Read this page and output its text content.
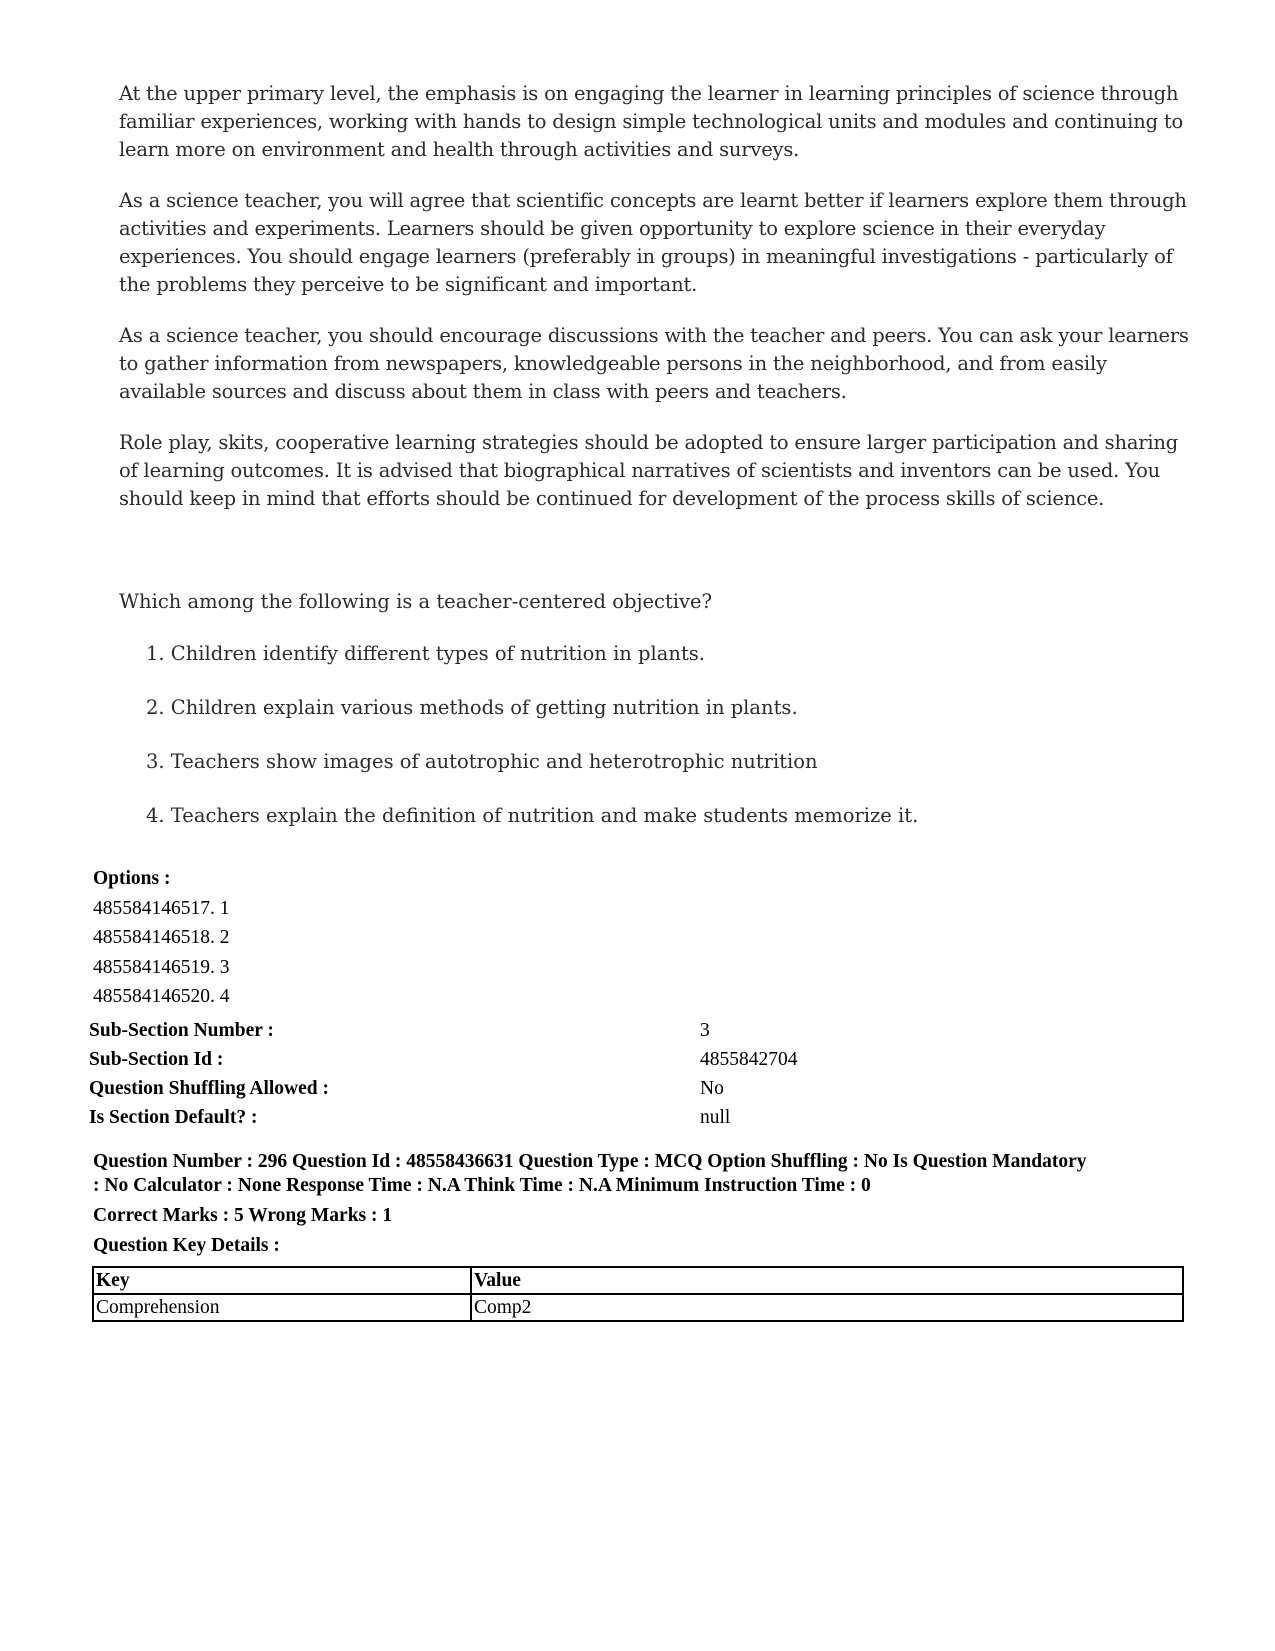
At the upper primary level, the emphasis is on engaging the learner in learning principles of science through familiar experiences, working with hands to design simple technological units and modules and continuing to learn more on environment and health through activities and surveys.

As a science teacher, you will agree that scientific concepts are learnt better if learners explore them through activities and experiments. Learners should be given opportunity to explore science in their everyday experiences. You should engage learners (preferably in groups) in meaningful investigations - particularly of the problems they perceive to be significant and important.

As a science teacher, you should encourage discussions with the teacher and peers. You can ask your learners to gather information from newspapers, knowledgeable persons in the neighborhood, and from easily available sources and discuss about them in class with peers and teachers.

Role play, skits, cooperative learning strategies should be adopted to ensure larger participation and sharing of learning outcomes. It is advised that biographical narratives of scientists and inventors can be used. You should keep in mind that efforts should be continued for development of the process skills of science.

Which among the following is a teacher-centered objective?

1. Children identify different types of nutrition in plants.
2. Children explain various methods of getting nutrition in plants.
3. Teachers show images of autotrophic and heterotrophic nutrition
4. Teachers explain the definition of nutrition and make students memorize it.
Options :
485584146517. 1
485584146518. 2
485584146519. 3
485584146520. 4
Sub-Section Number :	3
Sub-Section Id :	4855842704
Question Shuffling Allowed :	No
Is Section Default? :	null
Question Number : 296 Question Id : 48558436631 Question Type : MCQ Option Shuffling : No Is Question Mandatory
: No Calculator : None Response Time : N.A Think Time : N.A Minimum Instruction Time : 0
Correct Marks : 5 Wrong Marks : 1
Question Key Details :
Key	Value
Comprehension	Comp2
